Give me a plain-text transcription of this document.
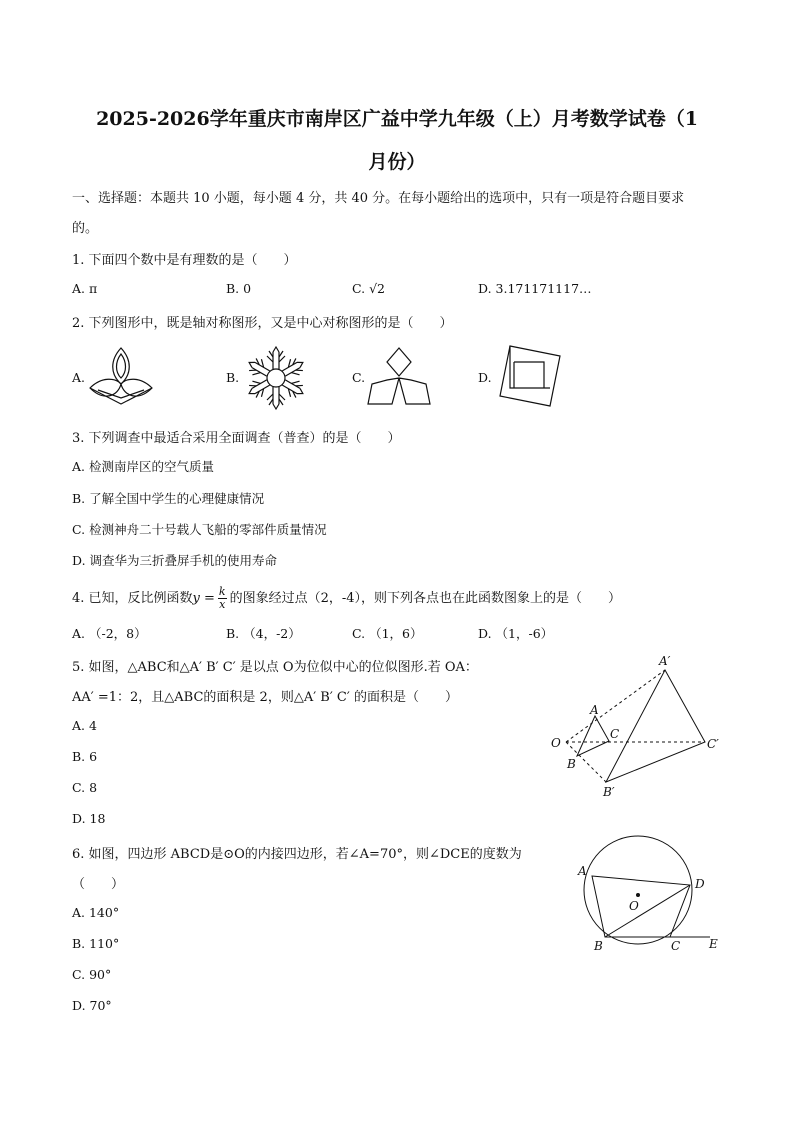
2025-2026学年重庆市南岸区广益中学九年级（上）月考数学试卷（1
月份）
一、选择题：本题共 10 小题，每小题 4 分，共 40 分。在每小题给出的选项中，只有一项是符合题目要求
的。
1. 下面四个数中是有理数的是（　　）
A. π	B. 0	C. √2	D. 3.171171117…
2. 下列图形中，既是轴对称图形，又是中心对称图形的是（　　）
A.	B.	C.	D.
3. 下列调查中最适合采用全面调查（普查）的是（　　）
A. 检测南岸区的空气质量
B. 了解全国中学生的心理健康情况
C. 检测神舟二十号载人飞船的零部件质量情况
D. 调查华为三折叠屏手机的使用寿命
4. 已知，反比例函数$y = \frac{k}{x}$ 的图象经过点（2，-4），则下列各点也在此函数图象上的是（　　）
A. （-2，8）	B. （4，-2）	C. （1，6）	D. （1，-6）
5. 如图，△ABC和△A′ B′ C′ 是以点 O为位似中心的位似图形.若 OA：
AA′ =1：2，且△ABC的面积是 2，则△A′ B′ C′ 的面积是（　　）
A. 4
B. 6
C. 8
D. 18
A′
A
C
C′
O
B
B′
6. 如图，四边形 ABCD是⊙O的内接四边形，若∠A=70°，则∠DCE的度数为
（　　）
A. 140°
B. 110°
C. 90°
D. 70°
A
D
O
B	C E
